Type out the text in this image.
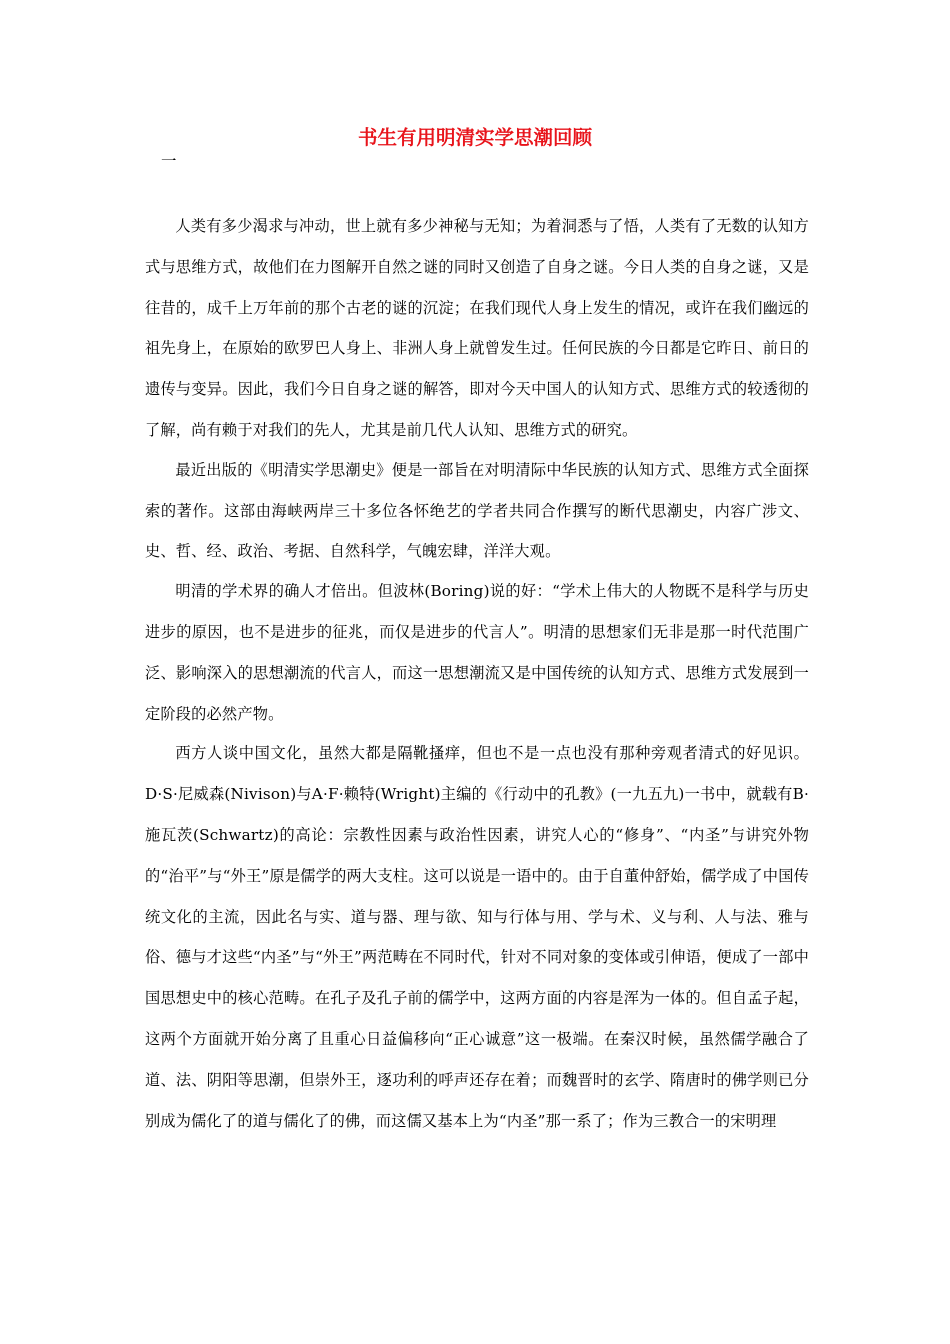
书生有用明清实学思潮回顾
一

人类有多少渴求与冲动，世上就有多少神秘与无知；为着洞悉与了悟，人类有了无数的认知方式与思维方式，故他们在力图解开自然之谜的同时又创造了自身之谜。今日人类的自身之谜，又是往昔的，成千上万年前的那个古老的谜的沉淀；在我们现代人身上发生的情况，或许在我们幽远的祖先身上，在原始的欧罗巴人身上、非洲人身上就曾发生过。任何民族的今日都是它昨日、前日的遗传与变异。因此，我们今日自身之谜的解答，即对今天中国人的认知方式、思维方式的较透彻的了解，尚有赖于对我们的先人，尤其是前几代人认知、思维方式的研究。

最近出版的《明清实学思潮史》便是一部旨在对明清际中华民族的认知方式、思维方式全面探索的著作。这部由海峡两岸三十多位各怀绝艺的学者共同合作撰写的断代思潮史，内容广涉文、史、哲、经、政治、考据、自然科学，气魄宏肆，洋洋大观。

明清的学术界的确人才倍出。但波林(Boring)说的好：“学术上伟大的人物既不是科学与历史进步的原因，也不是进步的征兆，而仅是进步的代言人”。明清的思想家们无非是那一时代范围广泛、影响深入的思想潮流的代言人，而这一思想潮流又是中国传统的认知方式、思维方式发展到一定阶段的必然产物。

西方人谈中国文化，虽然大都是隔靴搔痒，但也不是一点也没有那种旁观者清式的好见识。D·S·尼威森(Nivison)与A·F·赖特(Wright)主编的《行动中的孔教》(一九五九)一书中，就载有B·施瓦茨(Schwartz)的高论：宗教性因素与政治性因素，讲究人心的“修身”、“内圣”与讲究外物的“治平”与“外王”原是儒学的两大支柱。这可以说是一语中的。由于自董仲舒始，儒学成了中国传统文化的主流，因此名与实、道与器、理与欲、知与行体与用、学与术、义与利、人与法、雅与俗、德与才这些“内圣”与“外王”两范畴在不同时代，针对不同对象的变体或引伸语，便成了一部中国思想史中的核心范畴。在孔子及孔子前的儒学中，这两方面的内容是浑为一体的。但自孟子起，这两个方面就开始分离了且重心日益偏移向“正心诚意”这一极端。在秦汉时候，虽然儒学融合了道、法、阴阳等思潮，但崇外王，逐功利的呼声还存在着；而魏晋时的玄学、隋唐时的佛学则已分别成为儒化了的道与儒化了的佛，而这儒又基本上为“内圣”那一系了；作为三教合一的宋明理
